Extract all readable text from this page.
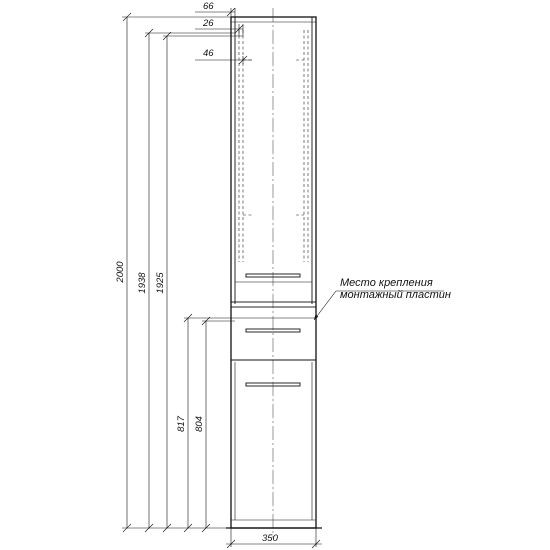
2000
1938 1925
817 804
66
26
46
350
Место крепления
монтажный пластин
